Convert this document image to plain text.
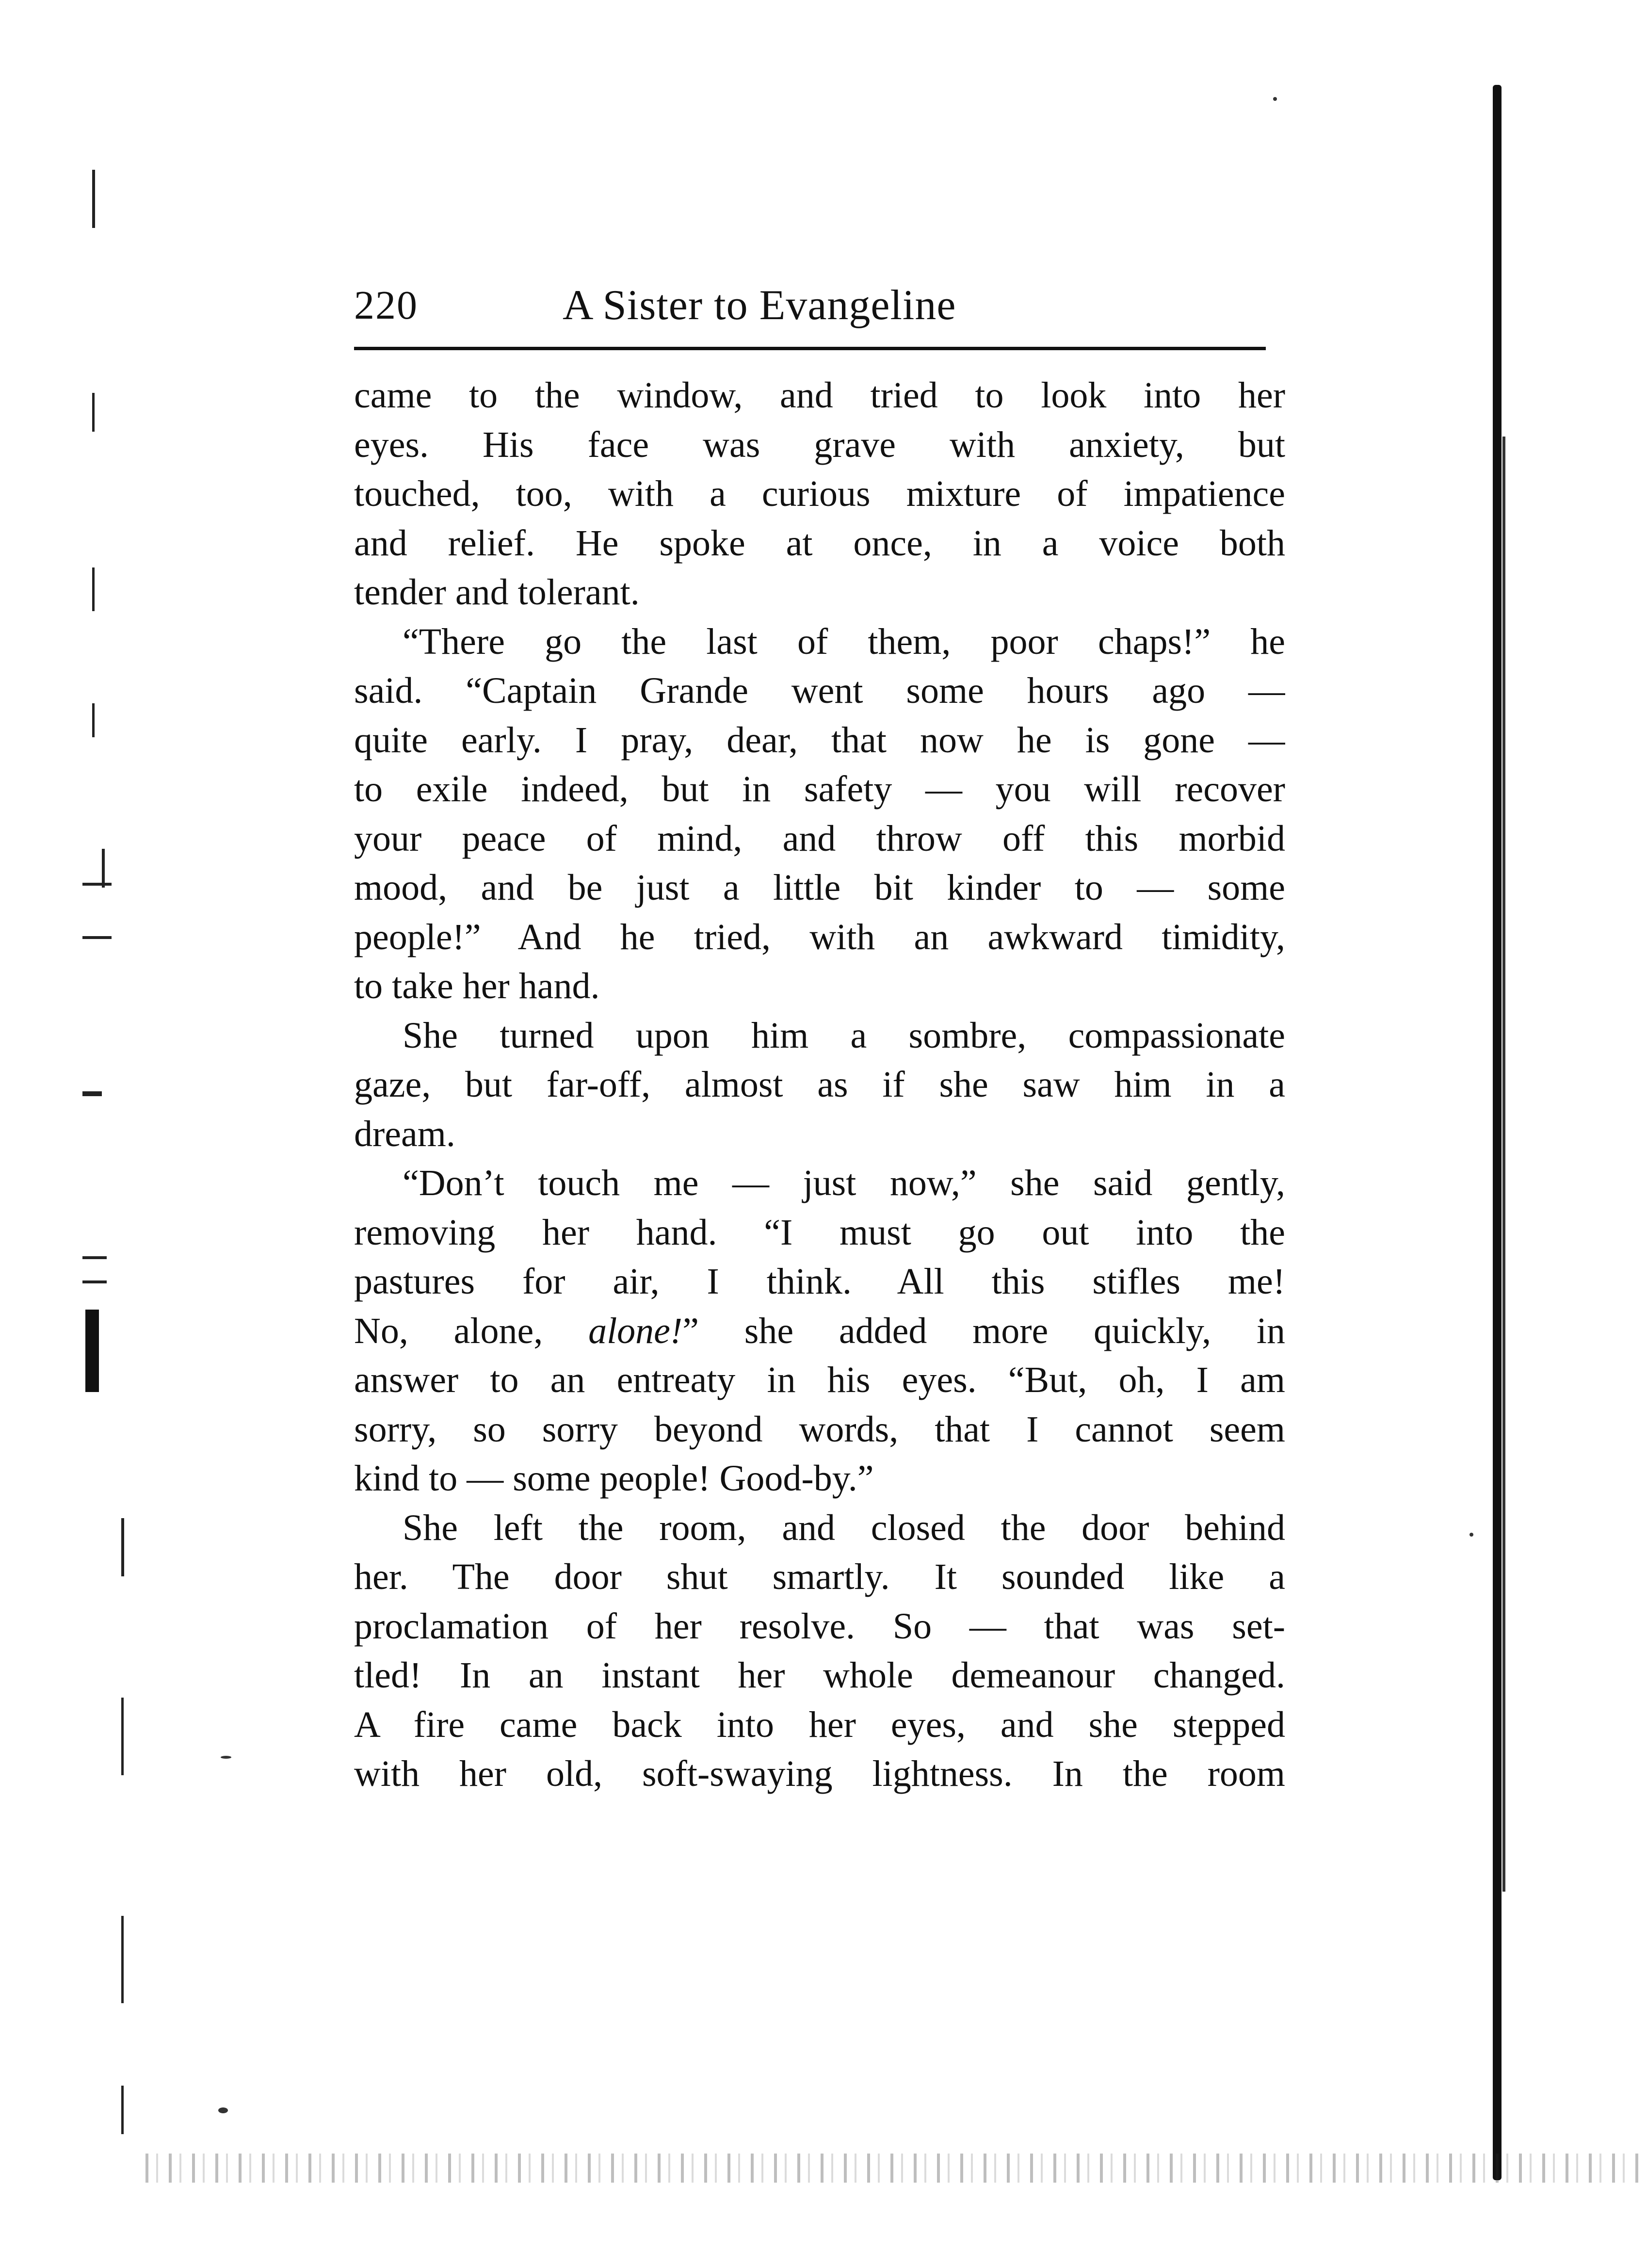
220	A Sister to Evangeline
came to the window, and tried to look into her
eyes. His face was grave with anxiety, but
touched, too, with a curious mixture of impatience
and relief. He spoke at once, in a voice both
tender and tolerant.
“There go the last of them, poor chaps!” he
said. “Captain Grande went some hours ago —
quite early. I pray, dear, that now he is gone —
to exile indeed, but in safety — you will recover
your peace of mind, and throw off this morbid
mood, and be just a little bit kinder to — some
people!” And he tried, with an awkward timidity,
to take her hand.
She turned upon him a sombre, compassionate
gaze, but far-off, almost as if she saw him in a
dream.
“Don’t touch me — just now,” she said gently,
removing her hand. “I must go out into the
pastures for air, I think. All this stifles me!
No, alone, alone!” she added more quickly, in
answer to an entreaty in his eyes. “But, oh, I am
sorry, so sorry beyond words, that I cannot seem
kind to — some people! Good-by.”
She left the room, and closed the door behind
her. The door shut smartly. It sounded like a
proclamation of her resolve. So — that was set-
tled! In an instant her whole demeanour changed.
A fire came back into her eyes, and she stepped
with her old, soft-swaying lightness. In the room
